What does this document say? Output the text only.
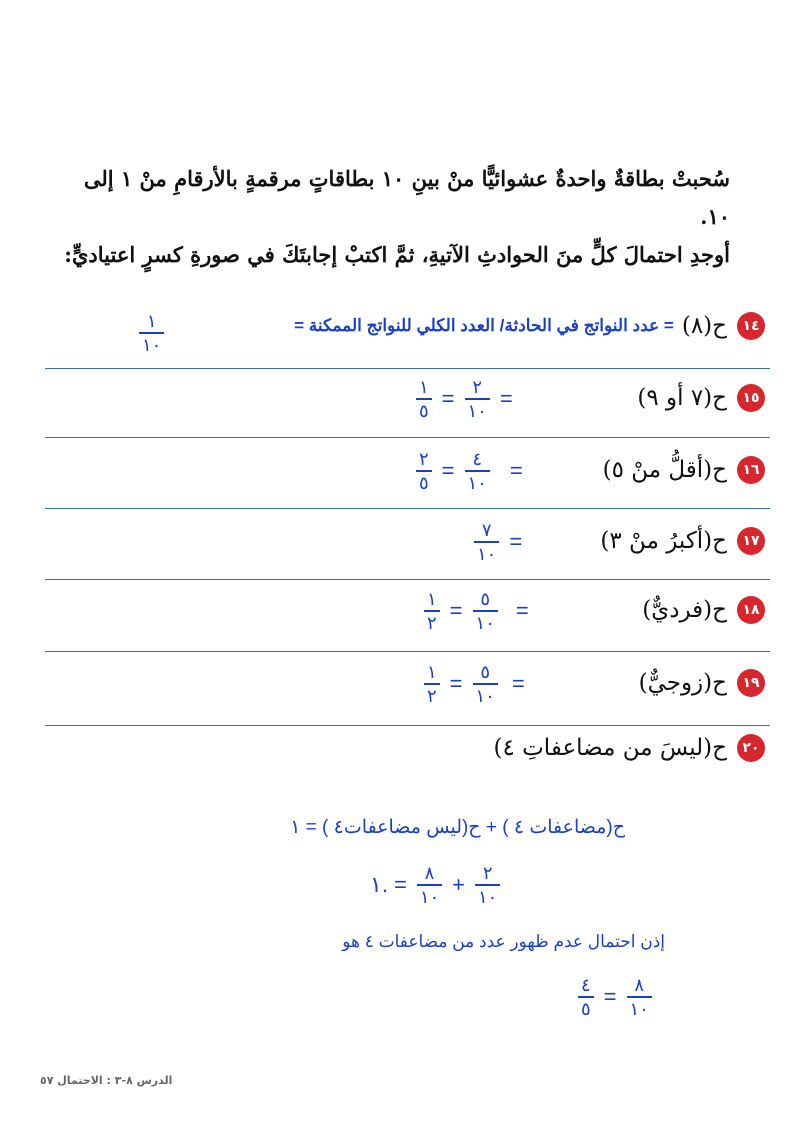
سُحبتْ بطاقةٌ واحدةٌ عشوائيًّا منْ بينِ ١٠ بطاقاتٍ مرقمةٍ بالأرقامِ منْ ١ إلى ١٠.
أوجدِ احتمالَ كلٍّ منَ الحوادثِ الآتيةِ، ثمَّ اكتبْ إجابتَكَ في صورةِ كسرٍ اعتياديٍّ:
١٤
ح(٨)
= عدد النواتج في الحادثة/ العدد الكلي للنواتج الممكنة =
$\frac{١}{١٠}$
١٥
ح(٧ أو ٩)
$\frac{١}{٥} = \frac{٢}{١٠}$ =
١٦
ح(أقلُّ منْ ٥)
$\frac{٢}{٥} = \frac{٤}{١٠}$ =
١٧
ح(أكبرُ منْ ٣)
$\frac{٧}{١٠}$ =
١٨
ح(فرديٌّ)
$\frac{١}{٢} = \frac{٥}{١٠}$ =
١٩
ح(زوجيٌّ)
$\frac{١}{٢} = \frac{٥}{١٠}$ =
٢٠
ح(ليسَ من مضاعفاتِ ٤)
ح(مضاعفات ٤ ) + ح(ليس مضاعفات٤ ) = ١
١. = $\frac{٨}{١٠} + \frac{٢}{١٠}$
إذن احتمال عدم ظهور عدد من مضاعفات ٤ هو
$\frac{٤}{٥} = \frac{٨}{١٠}$
الدرس ٨-٣ : الاحتمال ٥٧
